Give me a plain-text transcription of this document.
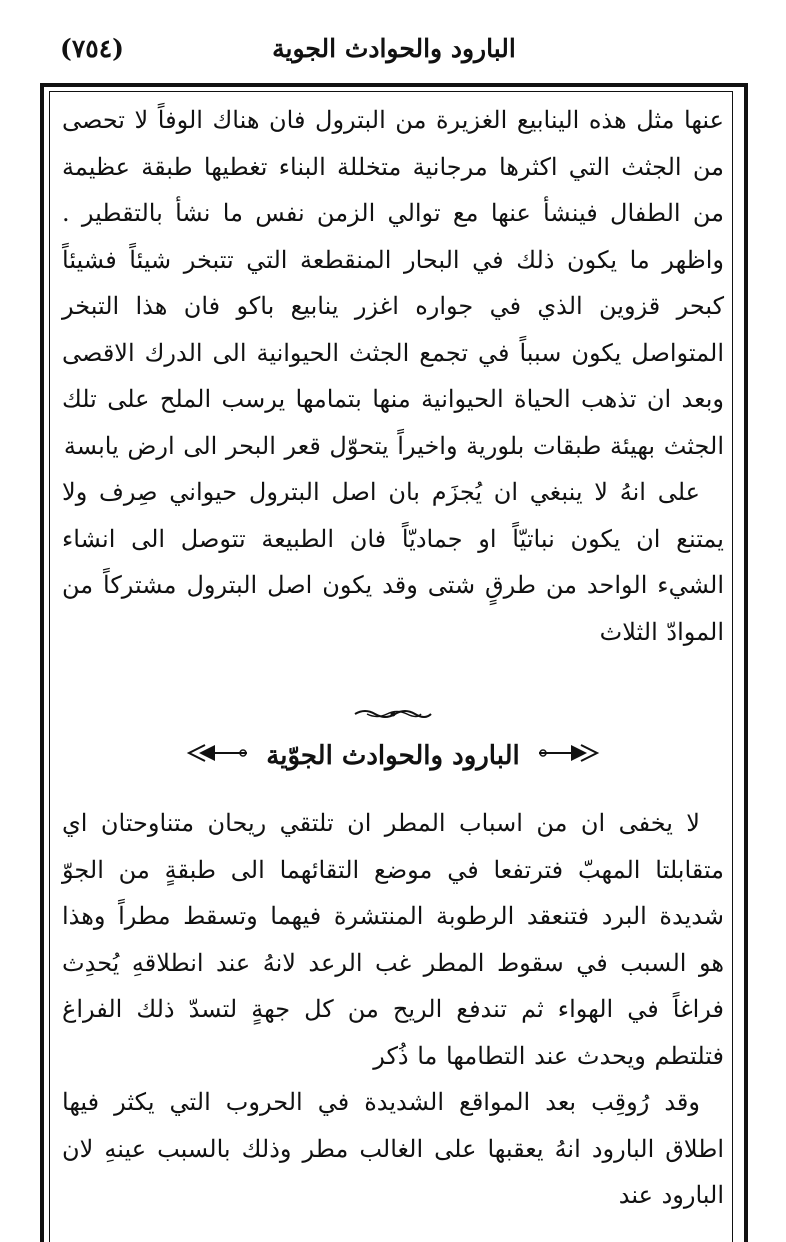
البارود والحوادث الجوية
(٧٥٤)

عنها مثل هذه الينابيع الغزيرة من البترول فان هناك الوفاً لا تحصى من الجثث التي اكثرها مرجانية متخللة البناء تغطيها طبقة عظيمة من الطفال فينشأ عنها مع توالي الزمن نفس ما نشأ بالتقطير . واظهر ما يكون ذلك في البحار المنقطعة التي تتبخر شيئاً فشيئاً كبحر قزوين الذي في جواره اغزر ينابيع باكو فان هذا التبخر المتواصل يكون سبباً في تجمع الجثث الحيوانية الى الدرك الاقصى وبعد ان تذهب الحياة الحيوانية منها بتمامها يرسب الملح على تلك الجثث بهيئة طبقات بلورية واخيراً يتحوّل قعر البحر الى ارض يابسة

على انهُ لا ينبغي ان يُجزَم بان اصل البترول حيواني صِرف ولا يمتنع ان يكون نباتيّاً او جماديّاً فان الطبيعة تتوصل الى انشاء الشيء الواحد من طرقٍ شتى وقد يكون اصل البترول مشتركاً من الموادّ الثلاث

البارود والحوادث الجوّية

لا يخفى ان من اسباب المطر ان تلتقي ريحان متناوحتان اي متقابلتا المهبّ فترتفعا في موضع التقائهما الى طبقةٍ من الجوّ شديدة البرد فتنعقد الرطوبة المنتشرة فيهما وتسقط مطراً وهذا هو السبب في سقوط المطر غب الرعد لانهُ عند انطلاقهِ يُحدِث فراغاً في الهواء ثم تندفع الريح من كل جهةٍ لتسدّ ذلك الفراغ فتلتطم ويحدث عند التطامها ما ذُكر

وقد رُوقِب بعد المواقع الشديدة في الحروب التي يكثر فيها اطلاق البارود انهُ يعقبها على الغالب مطر وذلك بالسبب عينهِ لان البارود عند
